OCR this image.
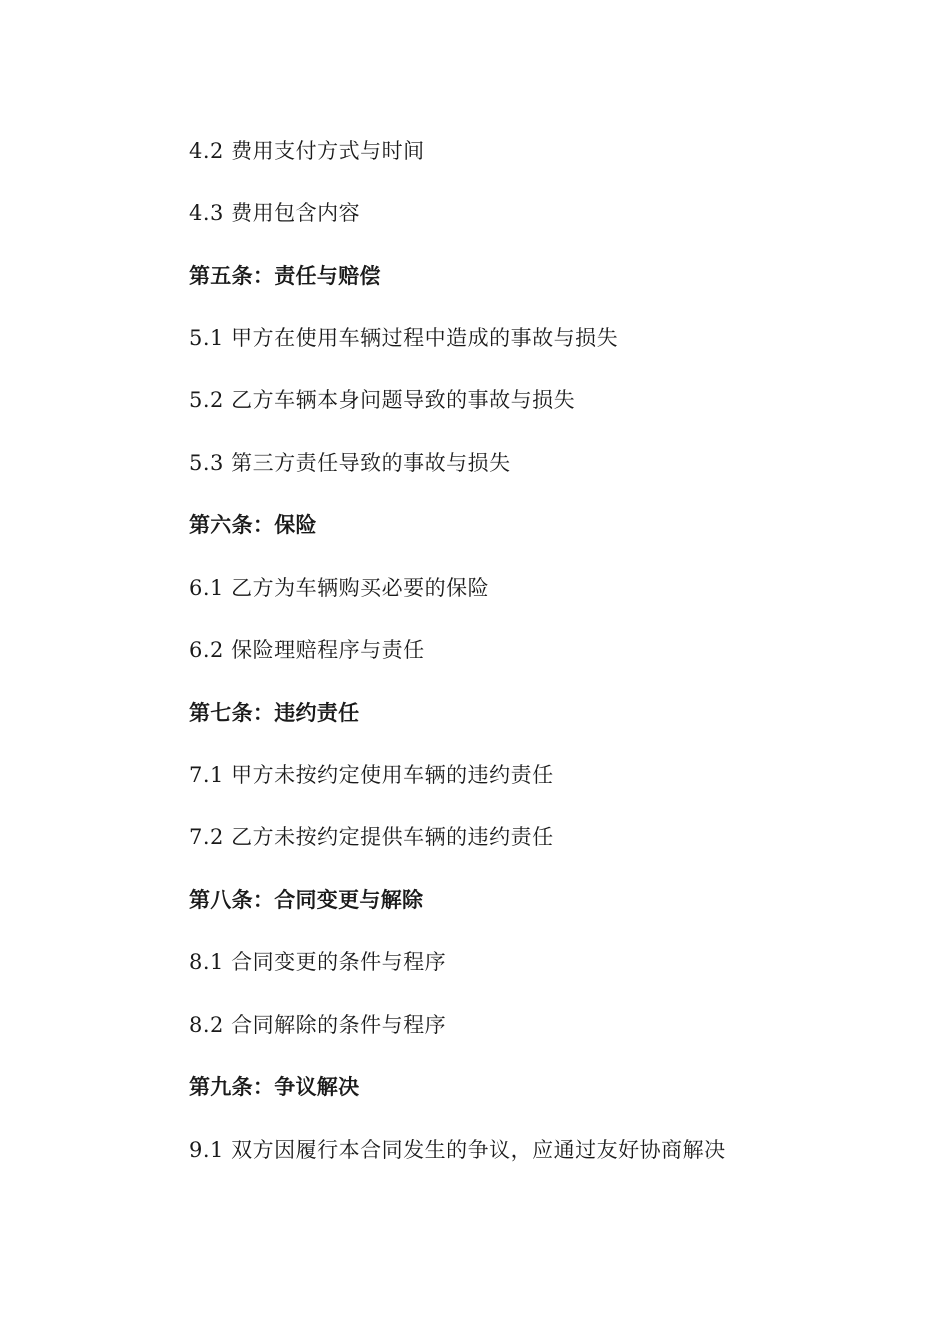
4.2 费用支付方式与时间
4.3 费用包含内容
第五条：责任与赔偿
5.1 甲方在使用车辆过程中造成的事故与损失
5.2 乙方车辆本身问题导致的事故与损失
5.3 第三方责任导致的事故与损失
第六条：保险
6.1 乙方为车辆购买必要的保险
6.2 保险理赔程序与责任
第七条：违约责任
7.1 甲方未按约定使用车辆的违约责任
7.2 乙方未按约定提供车辆的违约责任
第八条：合同变更与解除
8.1 合同变更的条件与程序
8.2 合同解除的条件与程序
第九条：争议解决
9.1 双方因履行本合同发生的争议，应通过友好协商解决
